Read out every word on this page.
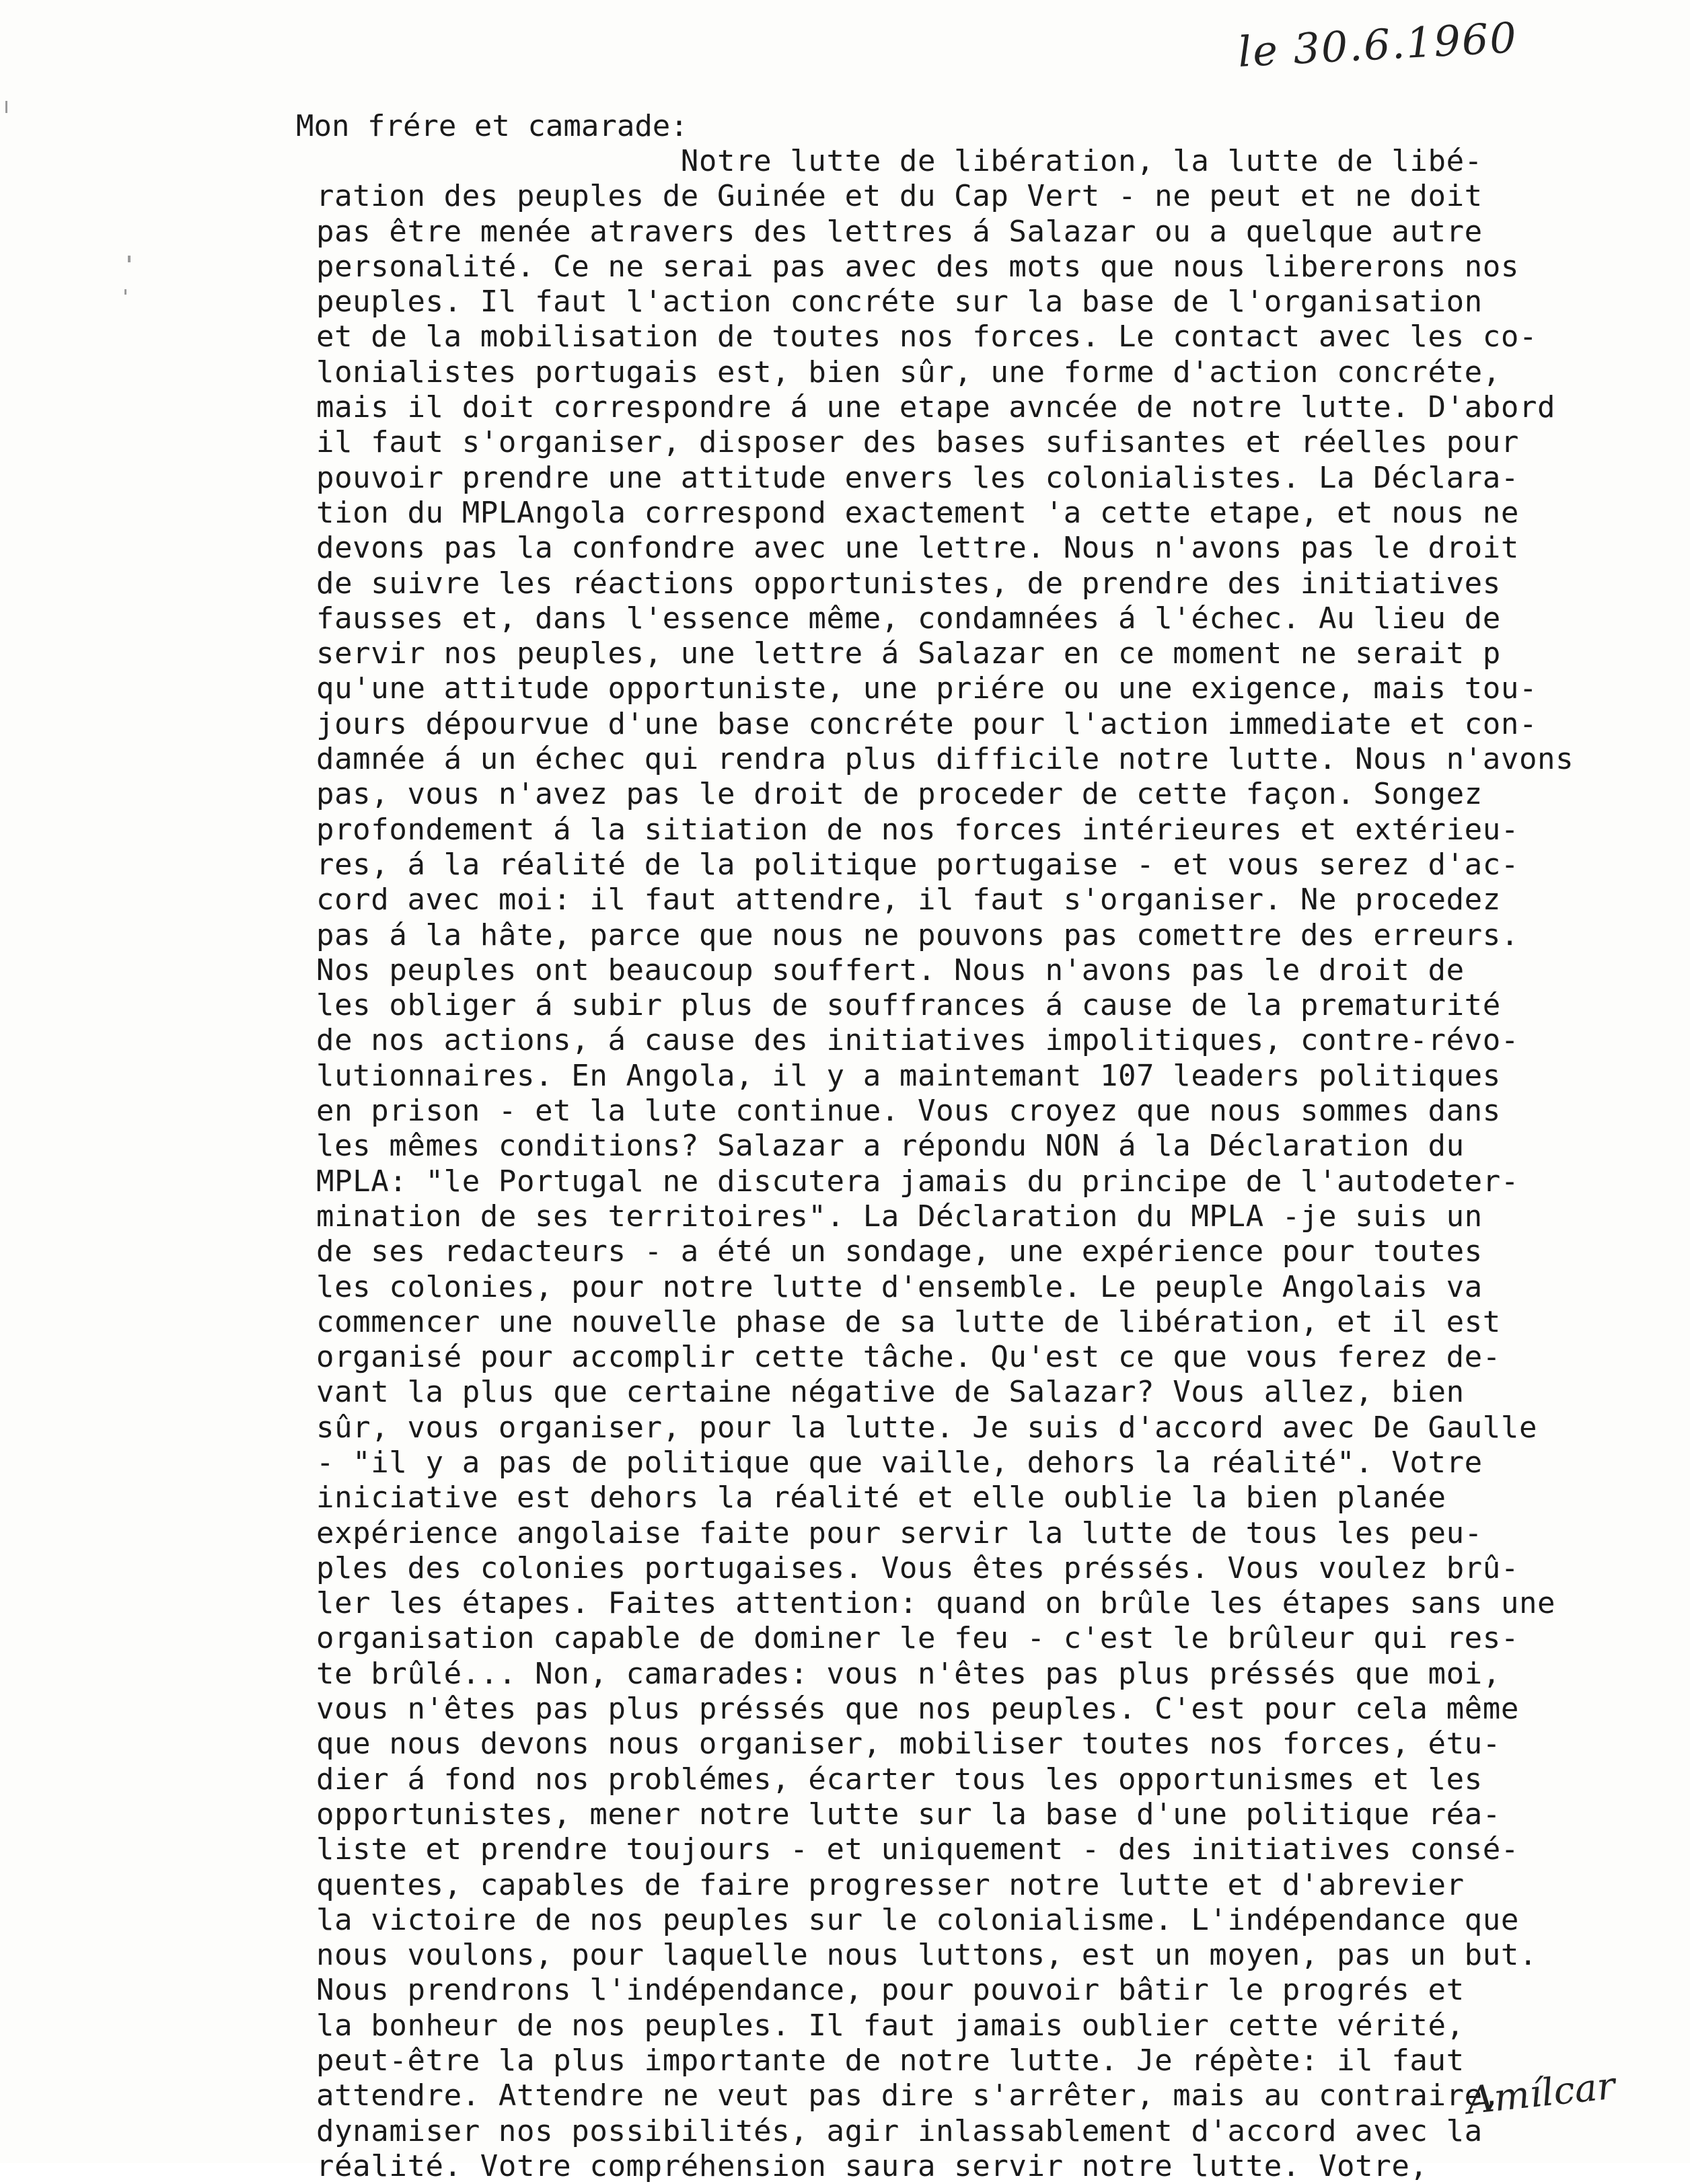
le 30.6.1960
Mon frére et camarade:
Notre lutte de libération, la lutte de libé-
ration des peuples de Guinée et du Cap Vert - ne peut et ne doit
pas être menée atravers des lettres á Salazar ou a quelque autre
personalité. Ce ne serai pas avec des mots que nous libererons nos
peuples. Il faut l'action concréte sur la base de l'organisation
et de la mobilisation de toutes nos forces. Le contact avec les co-
lonialistes portugais est, bien sûr, une forme d'action concréte,
mais il doit correspondre á une etape avncée de notre lutte. D'abord
il faut s'organiser, disposer des bases sufisantes et réelles pour
pouvoir prendre une attitude envers les colonialistes. La Déclara-
tion du MPLAngola correspond exactement 'a cette etape, et nous ne
devons pas la confondre avec une lettre. Nous n'avons pas le droit
de suivre les réactions opportunistes, de prendre des initiatives
fausses et, dans l'essence même, condamnées á l'échec. Au lieu de
servir nos peuples, une lettre á Salazar en ce moment ne serait p
qu'une attitude opportuniste, une priére ou une exigence, mais tou-
jours dépourvue d'une base concréte pour l'action immediate et con-
damnée á un échec qui rendra plus difficile notre lutte. Nous n'avons
pas, vous n'avez pas le droit de proceder de cette façon. Songez
profondement á la sitiation de nos forces intérieures et extérieu-
res, á la réalité de la politique portugaise - et vous serez d'ac-
cord avec moi: il faut attendre, il faut s'organiser. Ne procedez
pas á la hâte, parce que nous ne pouvons pas comettre des erreurs.
Nos peuples ont beaucoup souffert. Nous n'avons pas le droit de
les obliger á subir plus de souffrances á cause de la prematurité
de nos actions, á cause des initiatives impolitiques, contre-révo-
lutionnaires. En Angola, il y a maintemant 107 leaders politiques
en prison - et la lute continue. Vous croyez que nous sommes dans
les mêmes conditions? Salazar a répondu NON á la Déclaration du
MPLA: "le Portugal ne discutera jamais du principe de l'autodeter-
mination de ses territoires". La Déclaration du MPLA -je suis un
de ses redacteurs - a été un sondage, une expérience pour toutes
les colonies, pour notre lutte d'ensemble. Le peuple Angolais va
commencer une nouvelle phase de sa lutte de libération, et il est
organisé pour accomplir cette tâche. Qu'est ce que vous ferez de-
vant la plus que certaine négative de Salazar? Vous allez, bien
sûr, vous organiser, pour la lutte. Je suis d'accord avec De Gaulle
- "il y a pas de politique que vaille, dehors la réalité". Votre
iniciative est dehors la réalité et elle oublie la bien planée
expérience angolaise faite pour servir la lutte de tous les peu-
ples des colonies portugaises. Vous êtes préssés. Vous voulez brû-
ler les étapes. Faites attention: quand on brûle les étapes sans une
organisation capable de dominer le feu - c'est le brûleur qui res-
te brûlé... Non, camarades: vous n'êtes pas plus préssés que moi,
vous n'êtes pas plus préssés que nos peuples. C'est pour cela même
que nous devons nous organiser, mobiliser toutes nos forces, étu-
dier á fond nos problémes, écarter tous les opportunismes et les
opportunistes, mener notre lutte sur la base d'une politique réa-
liste et prendre toujours - et uniquement - des initiatives consé-
quentes, capables de faire progresser notre lutte et d'abrevier
la victoire de nos peuples sur le colonialisme. L'indépendance que
nous voulons, pour laquelle nous luttons, est un moyen, pas un but.
Nous prendrons l'indépendance, pour pouvoir bâtir le progrés et
la bonheur de nos peuples. Il faut jamais oublier cette vérité,
peut-être la plus importante de notre lutte. Je répète: il faut
attendre. Attendre ne veut pas dire s'arrêter, mais au contraire,
dynamiser nos possibilités, agir inlassablement d'accord avec la
réalité. Votre compréhension saura servir notre lutte. Votre,
Amílcar
